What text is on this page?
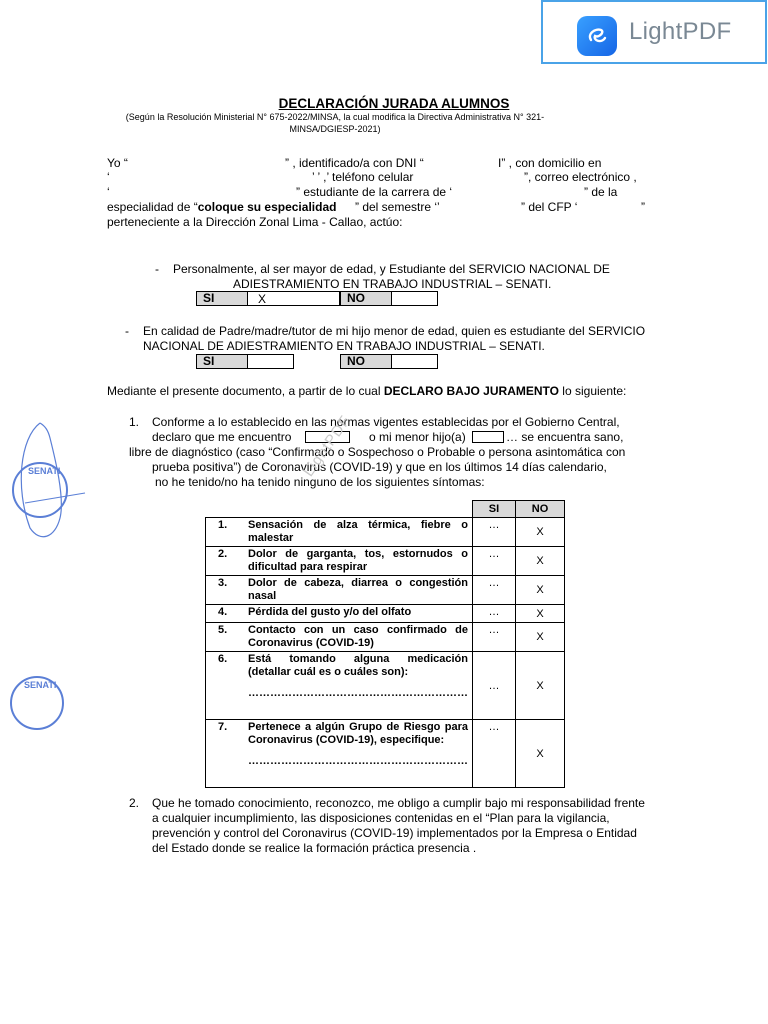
LightPDF
DECLARACIÓN JURADA ALUMNOS
(Según la Resolución Ministerial N° 675-2022/MINSA, la cual modifica la Directiva Administrativa N° 321-MINSA/DGIESP-2021)
Yo “	” , identificado/a con DNI “	I” , con domicilio en
‘	’ ’ ,’ teléfono celular	”, correo electrónico ,
‘	” estudiante de la carrera de ‘	” de la
especialidad de “coloque su especialidad ” del semestre ‘’	” del CFP ‘	”
perteneciente a la Dirección Zonal Lima - Callao, actúo:
- Personalmente, al ser mayor de edad, y Estudiante del SERVICIO NACIONAL DE
ADIESTRAMIENTO EN TRABAJO INDUSTRIAL – SENATI.
SI	X	NO
- En calidad de Padre/madre/tutor de mi hijo menor de edad, quien es estudiante del SERVICIO
NACIONAL DE ADIESTRAMIENTO EN TRABAJO INDUSTRIAL – SENATI.
SI	NO
Mediante el presente documento, a partir de lo cual DECLARO BAJO JURAMENTO lo siguiente:
1. Conforme a lo establecido en las normas vigentes establecidas por el Gobierno Central,
declaro que me encuentro	o mi menor hijo(a)	… se encuentra sano,
libre de diagnóstico (caso “Confirmado o Sospechoso o Probable o persona asintomática con
prueba positiva”) de Coronavirus (COVID-19) y que en los últimos 14 días calendario,
no he tenido/no ha tenido ninguno de los siguientes síntomas:
		SI	NO
1.	Sensación de alza térmica, fiebre o malestar	…	X
2.	Dolor de garganta, tos, estornudos o dificultad para respirar	…	X
3.	Dolor de cabeza, diarrea o congestión nasal	…	X
4.	Pérdida del gusto y/o del olfato	…	X
5.	Contacto con un caso confirmado de Coronavirus (COVID-19)	…	X
6.	Está tomando alguna medicación (detallar cuál es o cuáles son):
……………………………………………………	…	X
7.	Pertenece a algún Grupo de Riesgo para Coronavirus (COVID-19), especifique:
……………………………………………………	…	X
2. Que he tomado conocimiento, reconozco, me obligo a cumplir bajo mi responsabilidad frente
a cualquier incumplimiento, las disposiciones contenidas en el “Plan para la vigilancia,
prevención y control del Coronavirus (COVID-19) implementados por la Empresa o Entidad
del Estado donde se realice la formación práctica presencia .
SENATI
SENATI
LightPDF
